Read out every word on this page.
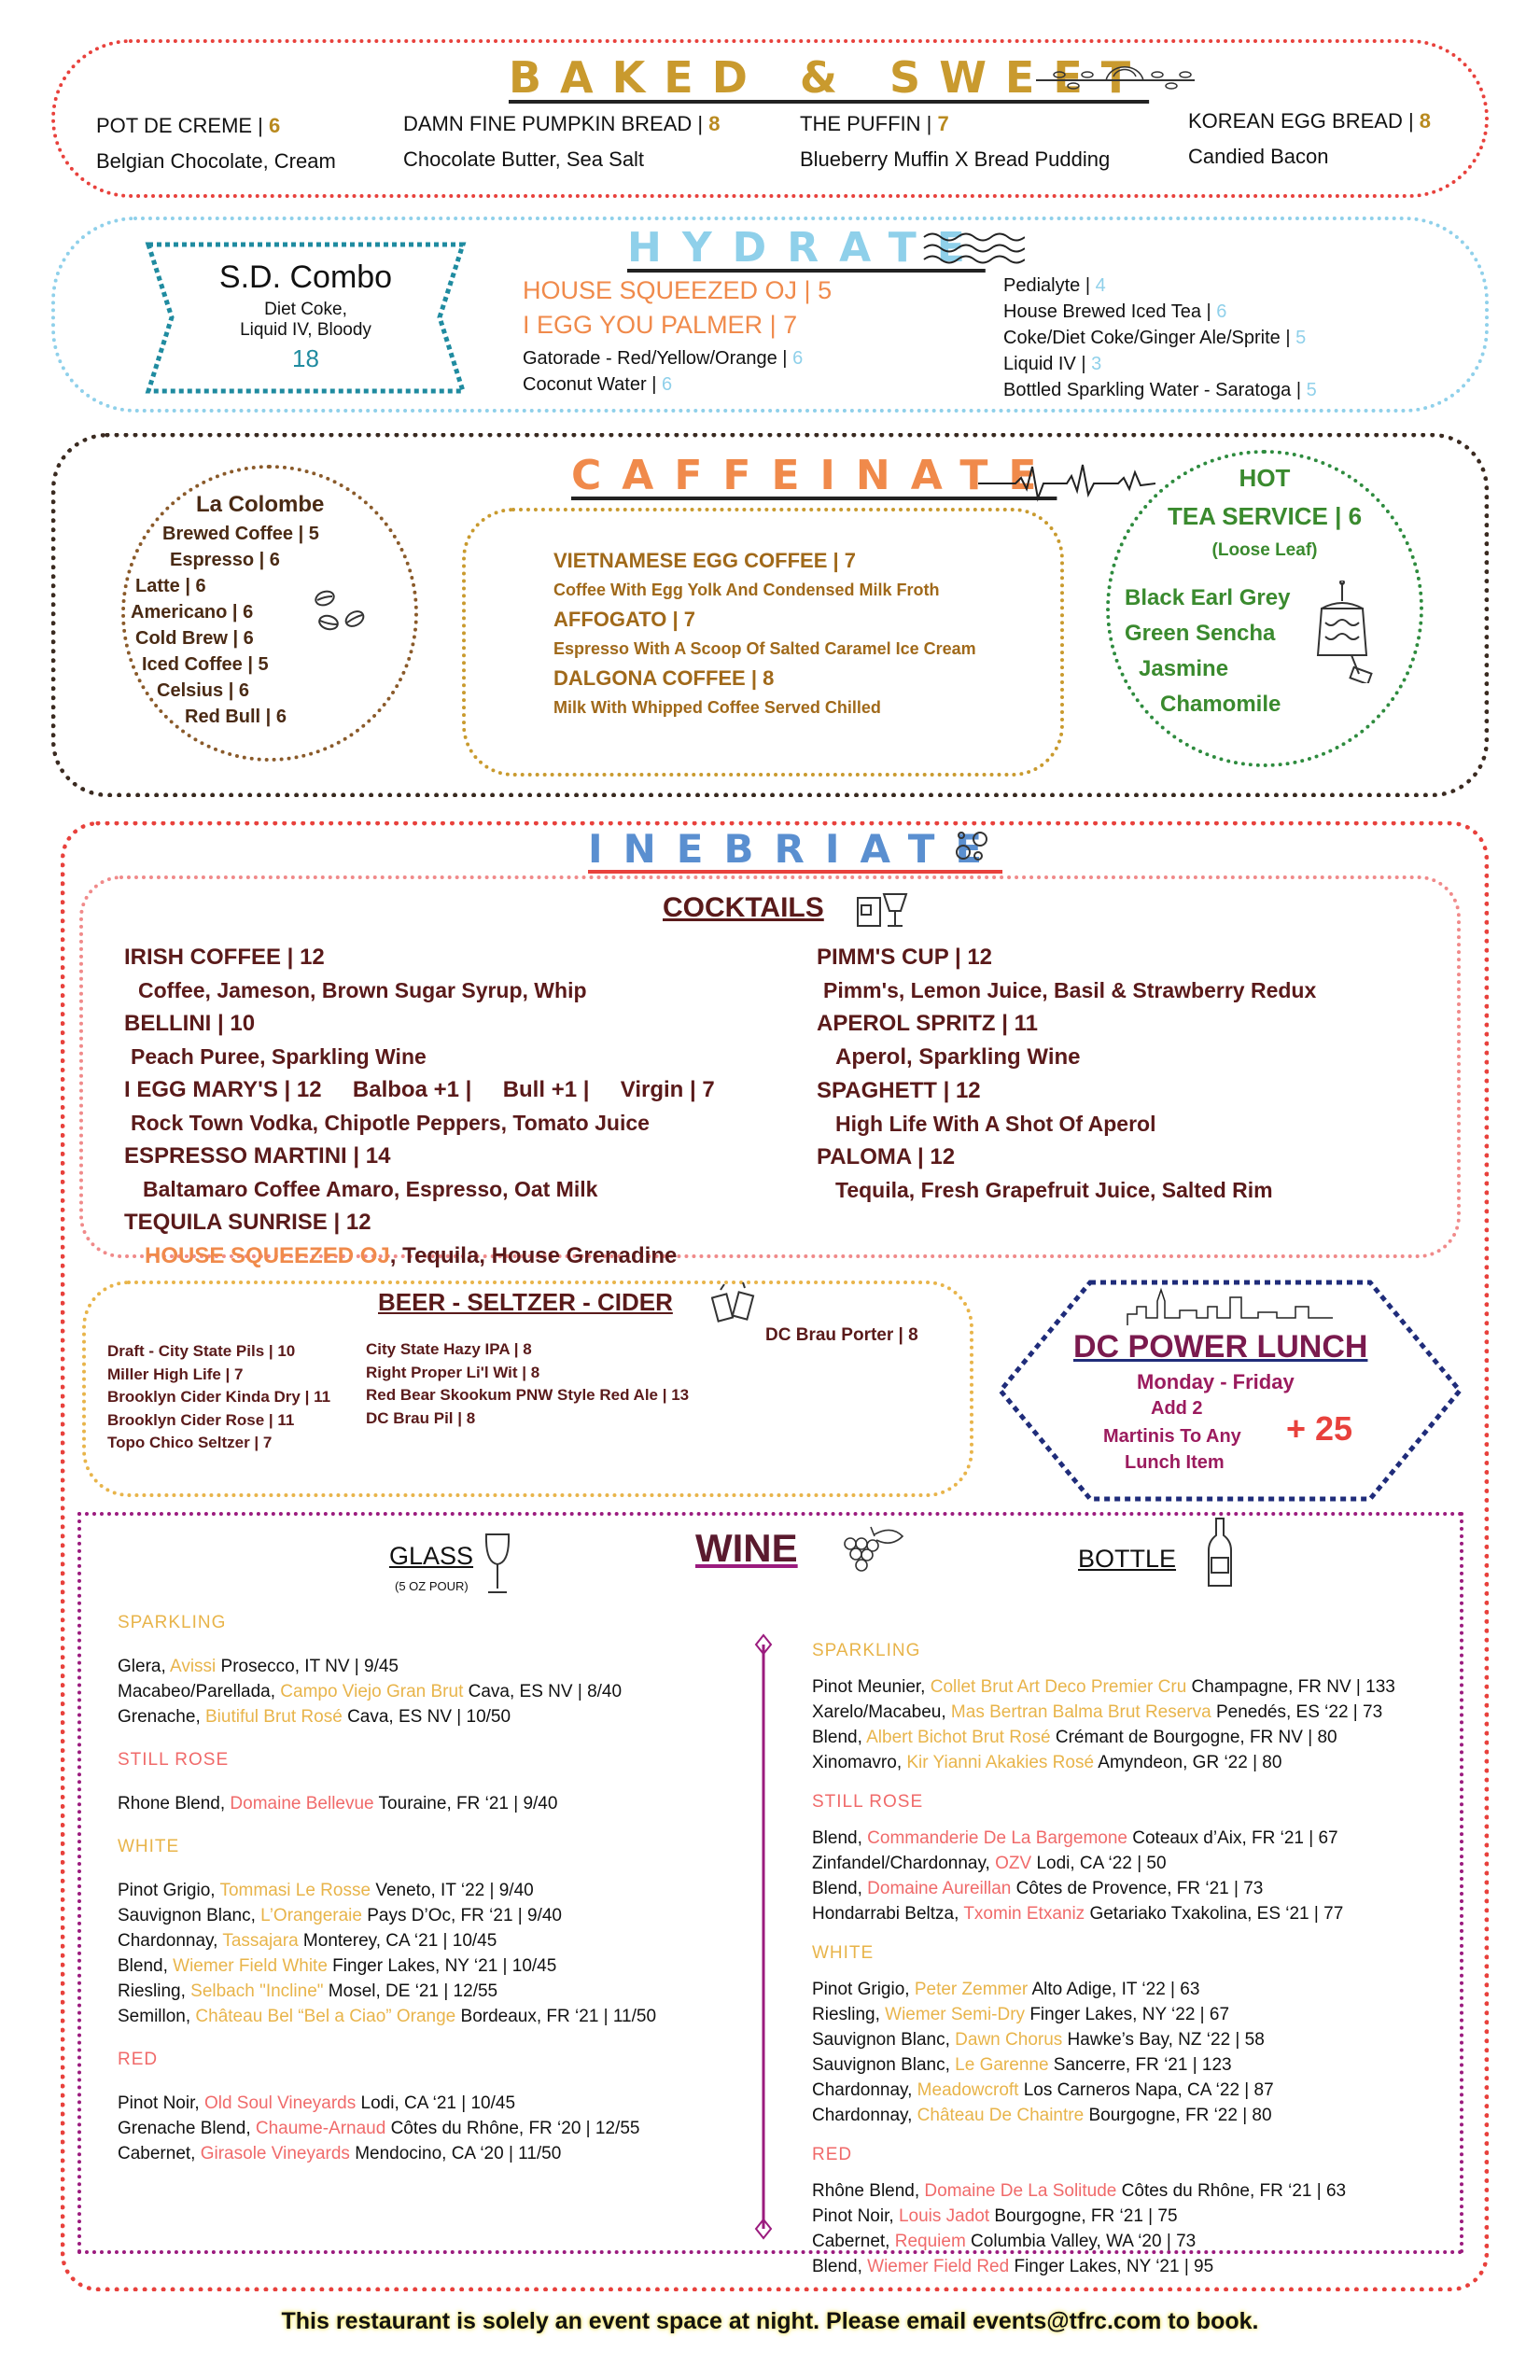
BAKED & SWEET
POT DE CREME | 6
Belgian Chocolate, Cream
DAMN FINE PUMPKIN BREAD | 8
Chocolate Butter, Sea Salt
THE PUFFIN | 7
Blueberry Muffin X Bread Pudding
KOREAN EGG BREAD | 8
Candied Bacon
HYDRATE
S.D. Combo
Diet Coke,
Liquid IV, Bloody
18
HOUSE SQUEEZED OJ | 5
I EGG YOU PALMER | 7
Gatorade - Red/Yellow/Orange | 6
Coconut Water | 6
Pedialyte | 4
House Brewed Iced Tea | 6
Coke/Diet Coke/Ginger Ale/Sprite | 5
Liquid IV | 3
Bottled Sparkling Water - Saratoga | 5
CAFFEINATE
La Colombe
Brewed Coffee | 5
Espresso | 6
Latte | 6
Americano | 6
Cold Brew | 6
Iced Coffee | 5
Celsius | 6
Red Bull | 6
VIETNAMESE EGG COFFEE | 7
Coffee With Egg Yolk And Condensed Milk Froth
AFFOGATO | 7
Espresso With A Scoop Of Salted Caramel Ice Cream
DALGONA COFFEE | 8
Milk With Whipped Coffee Served Chilled
HOT
TEA SERVICE | 6
(Loose Leaf)
Black Earl Grey
Green Sencha
Jasmine
Chamomile
INEBRIATE
COCKTAILS
IRISH COFFEE | 12
Coffee, Jameson, Brown Sugar Syrup, Whip
BELLINI | 10
Peach Puree, Sparkling Wine
I EGG MARY'S | 12     Balboa +1 |     Bull +1 |     Virgin | 7
Rock Town Vodka, Chipotle Peppers, Tomato Juice
ESPRESSO MARTINI | 14
Baltamaro Coffee Amaro, Espresso, Oat Milk
TEQUILA SUNRISE | 12
HOUSE SQUEEZED OJ, Tequila, House Grenadine
PIMM'S CUP | 12
Pimm's, Lemon Juice, Basil & Strawberry Redux
APEROL SPRITZ | 11
Aperol, Sparkling Wine
SPAGHETT | 12
High Life With A Shot Of Aperol
PALOMA | 12
Tequila, Fresh Grapefruit Juice, Salted Rim
BEER - SELTZER - CIDER
Draft - City State Pils | 10
Miller High Life | 7
Brooklyn Cider Kinda Dry | 11
Brooklyn Cider Rose | 11
Topo Chico Seltzer | 7
City State Hazy IPA | 8
Right Proper Li'l Wit | 8
Red Bear Skookum PNW Style Red Ale | 13
DC Brau Pil | 8
DC Brau Porter | 8	DC POWER LUNCH
Monday - Friday
Add 2
Martinis To Any
Lunch Item
+ 25
GLASS
(5 OZ POUR)
WINE	BOTTLE
SPARKLING
Glera, Avissi Prosecco, IT NV | 9/45
Macabeo/Parellada, Campo Viejo Gran Brut Cava, ES NV | 8/40
Grenache, Biutiful Brut Rosé Cava, ES NV | 10/50
STILL ROSE
Rhone Blend, Domaine Bellevue Touraine, FR ‘21 | 9/40
WHITE
Pinot Grigio, Tommasi Le Rosse Veneto, IT ‘22 | 9/40
Sauvignon Blanc, L’Orangeraie Pays D’Oc, FR ‘21 | 9/40
Chardonnay, Tassajara Monterey, CA ‘21 | 10/45
Blend, Wiemer Field White Finger Lakes, NY ‘21 | 10/45
Riesling, Selbach "Incline" Mosel, DE ‘21 | 12/55
Semillon, Château Bel “Bel a Ciao” Orange Bordeaux, FR ‘21 | 11/50
RED
Pinot Noir, Old Soul Vineyards Lodi, CA ‘21 | 10/45
Grenache Blend, Chaume-Arnaud Côtes du Rhône, FR ‘20 | 12/55
Cabernet, Girasole Vineyards Mendocino, CA ‘20 | 11/50
SPARKLING
Pinot Meunier, Collet Brut Art Deco Premier Cru Champagne, FR NV | 133
Xarelo/Macabeu, Mas Bertran Balma Brut Reserva Penedés, ES ‘22 | 73
Blend, Albert Bichot Brut Rosé Crémant de Bourgogne, FR NV | 80
Xinomavro, Kir Yianni Akakies Rosé Amyndeon, GR ‘22 | 80
STILL ROSE
Blend, Commanderie De La Bargemone Coteaux d’Aix, FR ‘21 | 67
Zinfandel/Chardonnay, OZV Lodi, CA ‘22 | 50
Blend, Domaine Aureillan Côtes de Provence, FR ‘21 | 73
Hondarrabi Beltza, Txomin Etxaniz Getariako Txakolina, ES ‘21 | 77
WHITE
Pinot Grigio, Peter Zemmer Alto Adige, IT ‘22 | 63
Riesling, Wiemer Semi-Dry Finger Lakes, NY ‘22 | 67
Sauvignon Blanc, Dawn Chorus Hawke’s Bay, NZ ‘22 | 58
Sauvignon Blanc, Le Garenne Sancerre, FR ‘21 | 123
Chardonnay, Meadowcroft Los Carneros Napa, CA ‘22 | 87
Chardonnay, Château De Chaintre Bourgogne, FR ‘22 | 80
RED
Rhône Blend, Domaine De La Solitude Côtes du Rhône, FR ‘21 | 63
Pinot Noir, Louis Jadot Bourgogne, FR ‘21 | 75
Cabernet, Requiem Columbia Valley, WA ‘20 | 73
Blend, Wiemer Field Red Finger Lakes, NY ‘21 | 95
This restaurant is solely an event space at night. Please email events@tfrc.com to book.
